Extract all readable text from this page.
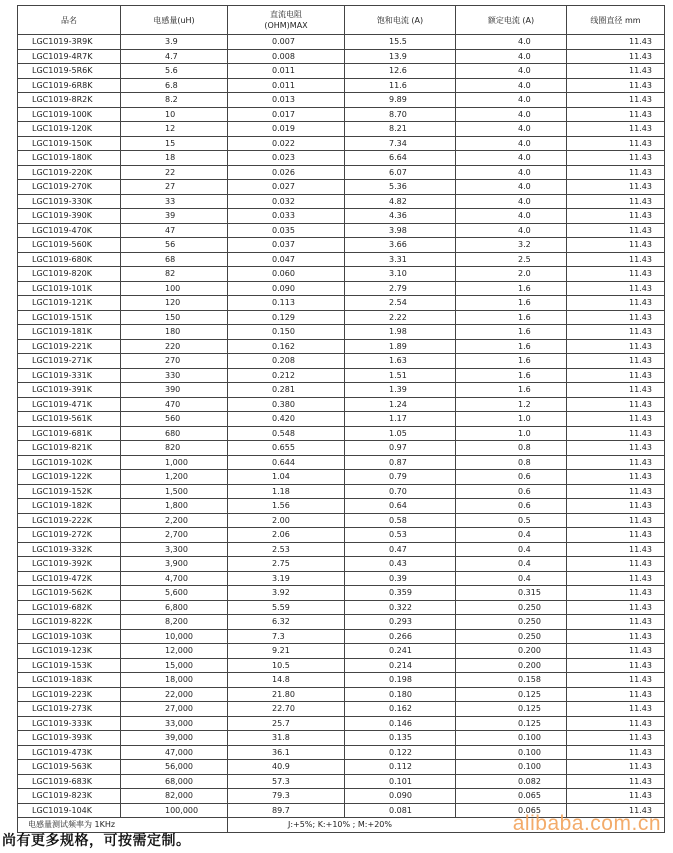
品名	电感量(uH)	直流电阻
(OHM)MAX	饱和电流 (A)	额定电流 (A)	线圈直径 mm
LGC1019-3R9K	3.9	0.007	15.5	4.0	11.43
LGC1019-4R7K	4.7	0.008	13.9	4.0	11.43
LGC1019-5R6K	5.6	0.011	12.6	4.0	11.43
LGC1019-6R8K	6.8	0.011	11.6	4.0	11.43
LGC1019-8R2K	8.2	0.013	9.89	4.0	11.43
LGC1019-100K	10	0.017	8.70	4.0	11.43
LGC1019-120K	12	0.019	8.21	4.0	11.43
LGC1019-150K	15	0.022	7.34	4.0	11.43
LGC1019-180K	18	0.023	6.64	4.0	11.43
LGC1019-220K	22	0.026	6.07	4.0	11.43
LGC1019-270K	27	0.027	5.36	4.0	11.43
LGC1019-330K	33	0.032	4.82	4.0	11.43
LGC1019-390K	39	0.033	4.36	4.0	11.43
LGC1019-470K	47	0.035	3.98	4.0	11.43
LGC1019-560K	56	0.037	3.66	3.2	11.43
LGC1019-680K	68	0.047	3.31	2.5	11.43
LGC1019-820K	82	0.060	3.10	2.0	11.43
LGC1019-101K	100	0.090	2.79	1.6	11.43
LGC1019-121K	120	0.113	2.54	1.6	11.43
LGC1019-151K	150	0.129	2.22	1.6	11.43
LGC1019-181K	180	0.150	1.98	1.6	11.43
LGC1019-221K	220	0.162	1.89	1.6	11.43
LGC1019-271K	270	0.208	1.63	1.6	11.43
LGC1019-331K	330	0.212	1.51	1.6	11.43
LGC1019-391K	390	0.281	1.39	1.6	11.43
LGC1019-471K	470	0.380	1.24	1.2	11.43
LGC1019-561K	560	0.420	1.17	1.0	11.43
LGC1019-681K	680	0.548	1.05	1.0	11.43
LGC1019-821K	820	0.655	0.97	0.8	11.43
LGC1019-102K	1,000	0.644	0.87	0.8	11.43
LGC1019-122K	1,200	1.04	0.79	0.6	11.43
LGC1019-152K	1,500	1.18	0.70	0.6	11.43
LGC1019-182K	1,800	1.56	0.64	0.6	11.43
LGC1019-222K	2,200	2.00	0.58	0.5	11.43
LGC1019-272K	2,700	2.06	0.53	0.4	11.43
LGC1019-332K	3,300	2.53	0.47	0.4	11.43
LGC1019-392K	3,900	2.75	0.43	0.4	11.43
LGC1019-472K	4,700	3.19	0.39	0.4	11.43
LGC1019-562K	5,600	3.92	0.359	0.315	11.43
LGC1019-682K	6,800	5.59	0.322	0.250	11.43
LGC1019-822K	8,200	6.32	0.293	0.250	11.43
LGC1019-103K	10,000	7.3	0.266	0.250	11.43
LGC1019-123K	12,000	9.21	0.241	0.200	11.43
LGC1019-153K	15,000	10.5	0.214	0.200	11.43
LGC1019-183K	18,000	14.8	0.198	0.158	11.43
LGC1019-223K	22,000	21.80	0.180	0.125	11.43
LGC1019-273K	27,000	22.70	0.162	0.125	11.43
LGC1019-333K	33,000	25.7	0.146	0.125	11.43
LGC1019-393K	39,000	31.8	0.135	0.100	11.43
LGC1019-473K	47,000	36.1	0.122	0.100	11.43
LGC1019-563K	56,000	40.9	0.112	0.100	11.43
LGC1019-683K	68,000	57.3	0.101	0.082	11.43
LGC1019-823K	82,000	79.3	0.090	0.065	11.43
LGC1019-104K	100,000	89.7	0.081	0.065	11.43
电感量测试频率为 1KHz		J:+5%; K:+10% ; M:+20%				alibaba.com.cn
尚有更多规格，可按需定制。
